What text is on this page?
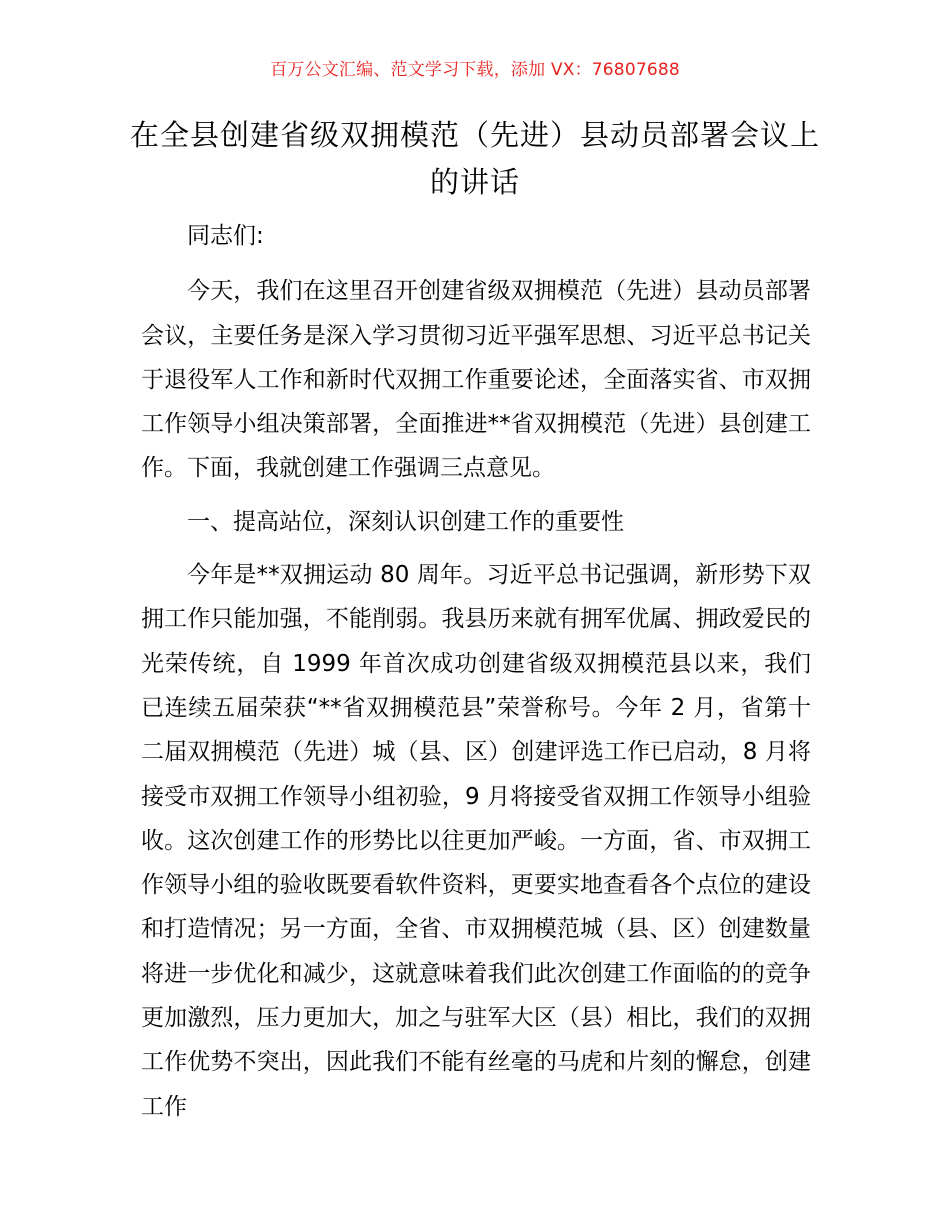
百万公文汇编、范文学习下载，添加 VX：76807688
在全县创建省级双拥模范（先进）县动员部署会议上的讲话

同志们:

今天，我们在这里召开创建省级双拥模范（先进）县动员部署会议，主要任务是深入学习贯彻习近平强军思想、习近平总书记关于退役军人工作和新时代双拥工作重要论述，全面落实省、市双拥工作领导小组决策部署，全面推进**省双拥模范（先进）县创建工作。下面，我就创建工作强调三点意见。

一、提高站位，深刻认识创建工作的重要性

今年是**双拥运动 80 周年。习近平总书记强调，新形势下双拥工作只能加强，不能削弱。我县历来就有拥军优属、拥政爱民的光荣传统，自 1999 年首次成功创建省级双拥模范县以来，我们已连续五届荣获“**省双拥模范县”荣誉称号。今年 2 月，省第十二届双拥模范（先进）城（县、区）创建评选工作已启动，8 月将接受市双拥工作领导小组初验，9 月将接受省双拥工作领导小组验收。这次创建工作的形势比以往更加严峻。一方面，省、市双拥工作领导小组的验收既要看软件资料，更要实地查看各个点位的建设和打造情况；另一方面，全省、市双拥模范城（县、区）创建数量将进一步优化和减少，这就意味着我们此次创建工作面临的的竞争更加激烈，压力更加大，加之与驻军大区（县）相比，我们的双拥工作优势不突出，因此我们不能有丝毫的马虎和片刻的懈怠，创建工作
